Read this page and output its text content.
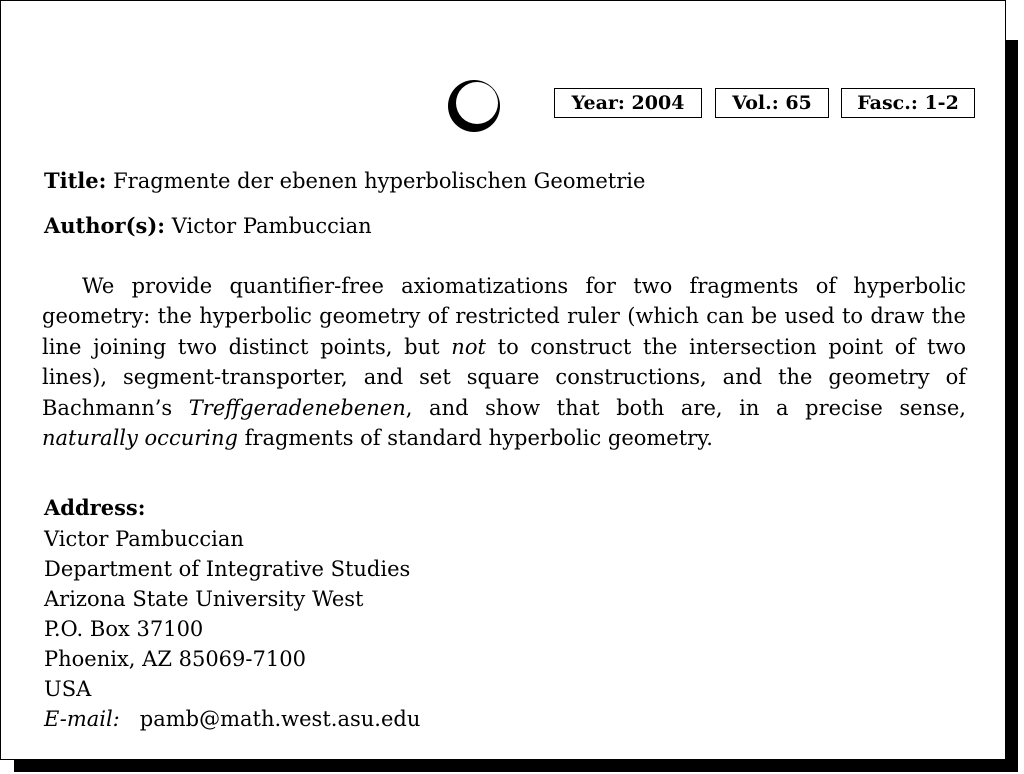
Year: 2004	Vol.: 65	Fasc.: 1-2
Title: Fragmente der ebenen hyperbolischen Geometrie
Author(s): Victor Pambuccian
We provide quantifier-free axiomatizations for two fragments of hyperbolic geometry: the hyperbolic geometry of restricted ruler (which can be used to draw the line joining two distinct points, but not to construct the intersection point of two lines), segment-transporter, and set square constructions, and the geometry of Bachmann’s Treffgeradenebenen, and show that both are, in a precise sense, naturally occuring fragments of standard hyperbolic geometry.
Address:
Victor Pambuccian
Department of Integrative Studies
Arizona State University West
P.O. Box 37100
Phoenix, AZ 85069-7100
USA
E-mail: pamb@math.west.asu.edu
